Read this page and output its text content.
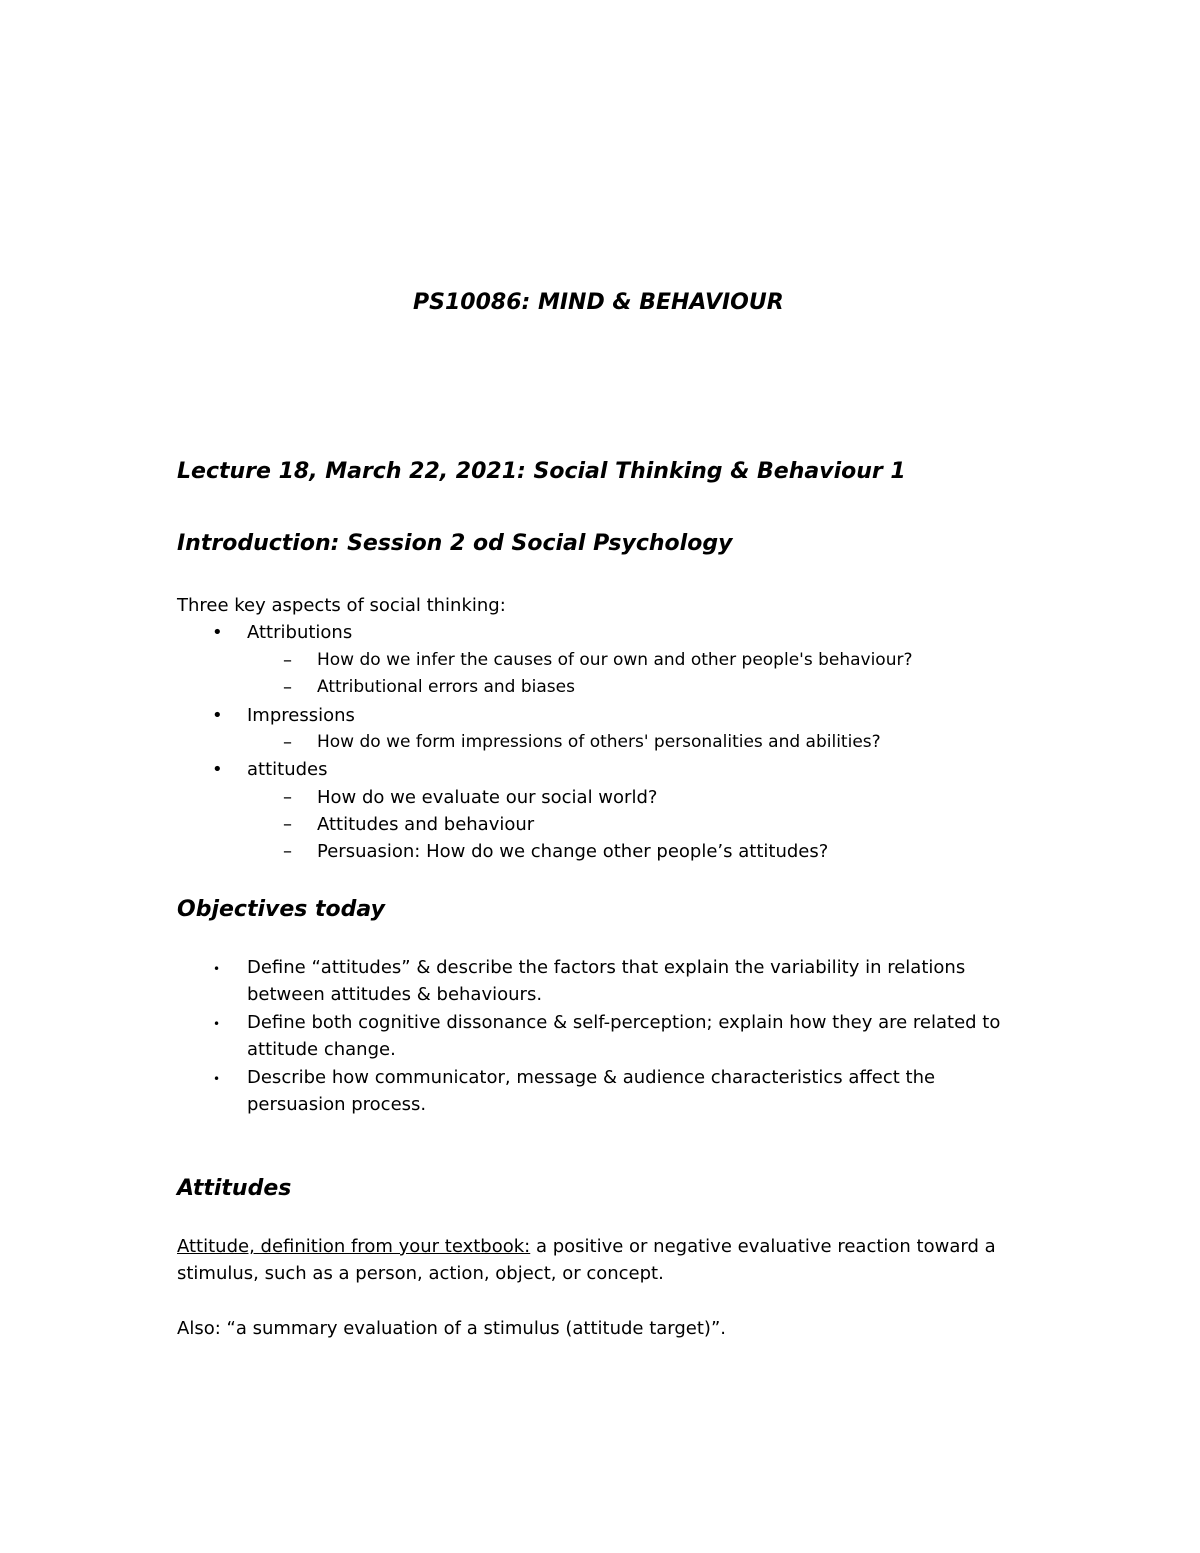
PS10086: MIND & BEHAVIOUR
Lecture 18, March 22, 2021: Social Thinking & Behaviour 1
Introduction: Session 2 od Social Psychology
Three key aspects of social thinking:
• Attributions
– How do we infer the causes of our own and other people's behaviour?
– Attributional errors and biases
• Impressions
– How do we form impressions of others' personalities and abilities?
• attitudes
– How do we evaluate our social world?
– Attitudes and behaviour
– Persuasion: How do we change other people’s attitudes?
Objectives today
• Define “attitudes” & describe the factors that explain the variability in relations
between attitudes & behaviours.
• Define both cognitive dissonance & self-perception; explain how they are related to
attitude change.
• Describe how communicator, message & audience characteristics affect the
persuasion process.
Attitudes
Attitude, definition from your textbook: a positive or negative evaluative reaction toward a
stimulus, such as a person, action, object, or concept.
Also: “a summary evaluation of a stimulus (attitude target)”.
